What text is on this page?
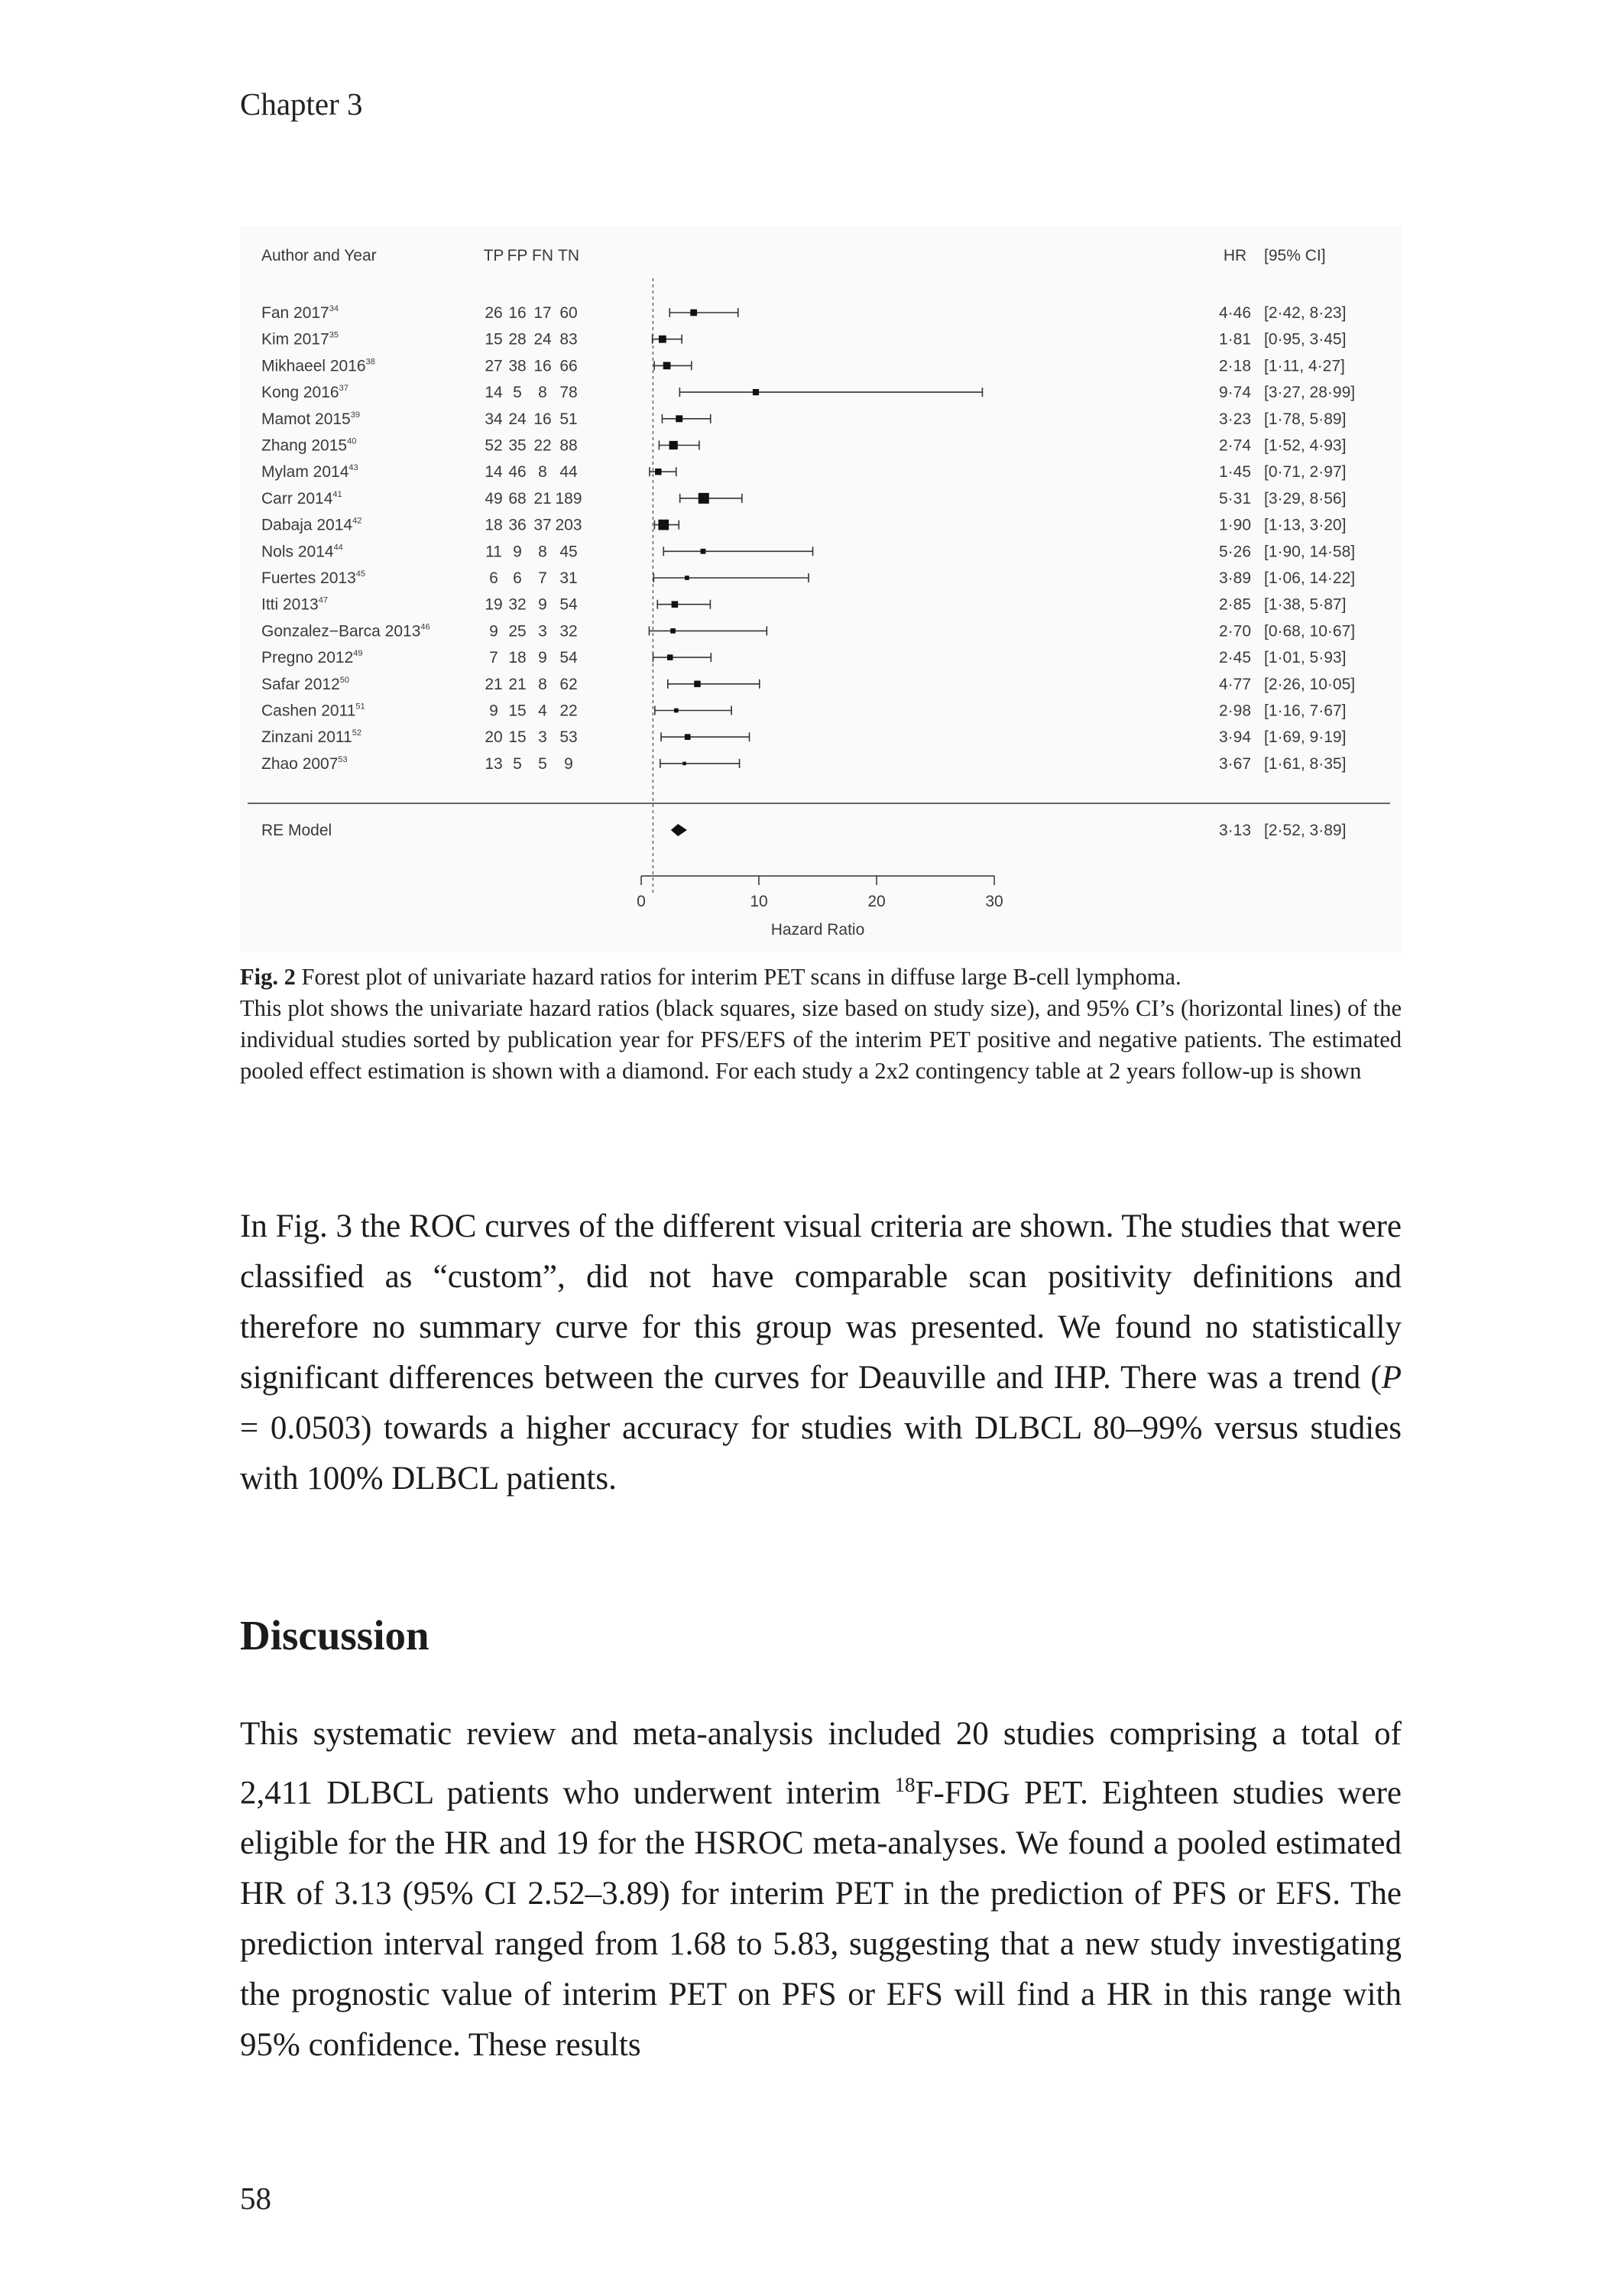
Chapter 3
Author and Year	TP FP FN TN	HR [95% CI]
Fan 2017$^{34}$	26 16 17 60	4·46 [2·42, 8·23]
Kim 2017$^{35}$	15 28 24 83	1·81 [0·95, 3·45]
Mikhaeel 2016$^{38}$	27 38 16 66	2·18 [1·11, 4·27]
Kong 2016$^{37}$	14 5 8 78	9·74 [3·27, 28·99]
Mamot 2015$^{39}$	34 24 16 51	3·23 [1·78, 5·89]
Zhang 2015$^{40}$	52 35 22 88	2·74 [1·52, 4·93]
Mylam 2014$^{43}$	14 46 8 44	1·45 [0·71, 2·97]
Carr 2014$^{41}$	49 68 21 189	5·31 [3·29, 8·56]
Dabaja 2014$^{42}$	18 36 37 203	1·90 [1·13, 3·20]
Nols 2014$^{44}$	11 9 8 45	5·26 [1·90, 14·58]
Fuertes 2013$^{45}$	6 6 7 31	3·89 [1·06, 14·22]
Itti 2013$^{47}$	19 32 9 54	2·85 [1·38, 5·87]
Gonzalez−Barca 2013$^{46}$	9 25 3 32	2·70 [0·68, 10·67]
Pregno 2012$^{49}$	7 18 9 54	2·45 [1·01, 5·93]
Safar 2012$^{50}$	21 21 8 62	4·77 [2·26, 10·05]
Cashen 2011$^{51}$	9 15 4 22	2·98 [1·16, 7·67]
Zinzani 2011$^{52}$	20 15 3 53	3·94 [1·69, 9·19]
Zhao 2007$^{53}$	13 5 5 9	3·67 [1·61, 8·35]
RE Model	3·13 [2·52, 3·89]
0	10	20	30
Hazard Ratio

Fig. 2 Forest plot of univariate hazard ratios for interim PET scans in diffuse large B-cell lymphoma.

This plot shows the univariate hazard ratios (black squares, size based on study size), and 95% CI’s (horizontal lines) of the individual studies sorted by publication year for PFS/EFS of the interim PET positive and negative patients. The estimated pooled effect estimation is shown with a diamond. For each study a 2x2 contingency table at 2 years follow-up is shown

In Fig. 3 the ROC curves of the different visual criteria are shown. The studies that were classified as “custom”, did not have comparable scan positivity definitions and therefore no summary curve for this group was presented. We found no statistically significant differences between the curves for Deauville and IHP. There was a trend (P = 0.0503) towards a higher accuracy for studies with DLBCL 80–99% versus studies with 100% DLBCL patients.

Discussion

This systematic review and meta-analysis included 20 studies comprising a total of 2,411 DLBCL patients who underwent interim $^{18}$F-FDG PET. Eighteen studies were eligible for the HR and 19 for the HSROC meta-analyses. We found a pooled estimated HR of 3.13 (95% CI 2.52–3.89) for interim PET in the prediction of PFS or EFS. The prediction interval ranged from 1.68 to 5.83, suggesting that a new study investigating the prognostic value of interim PET on PFS or EFS will find a HR in this range with 95% confidence. These results

58
